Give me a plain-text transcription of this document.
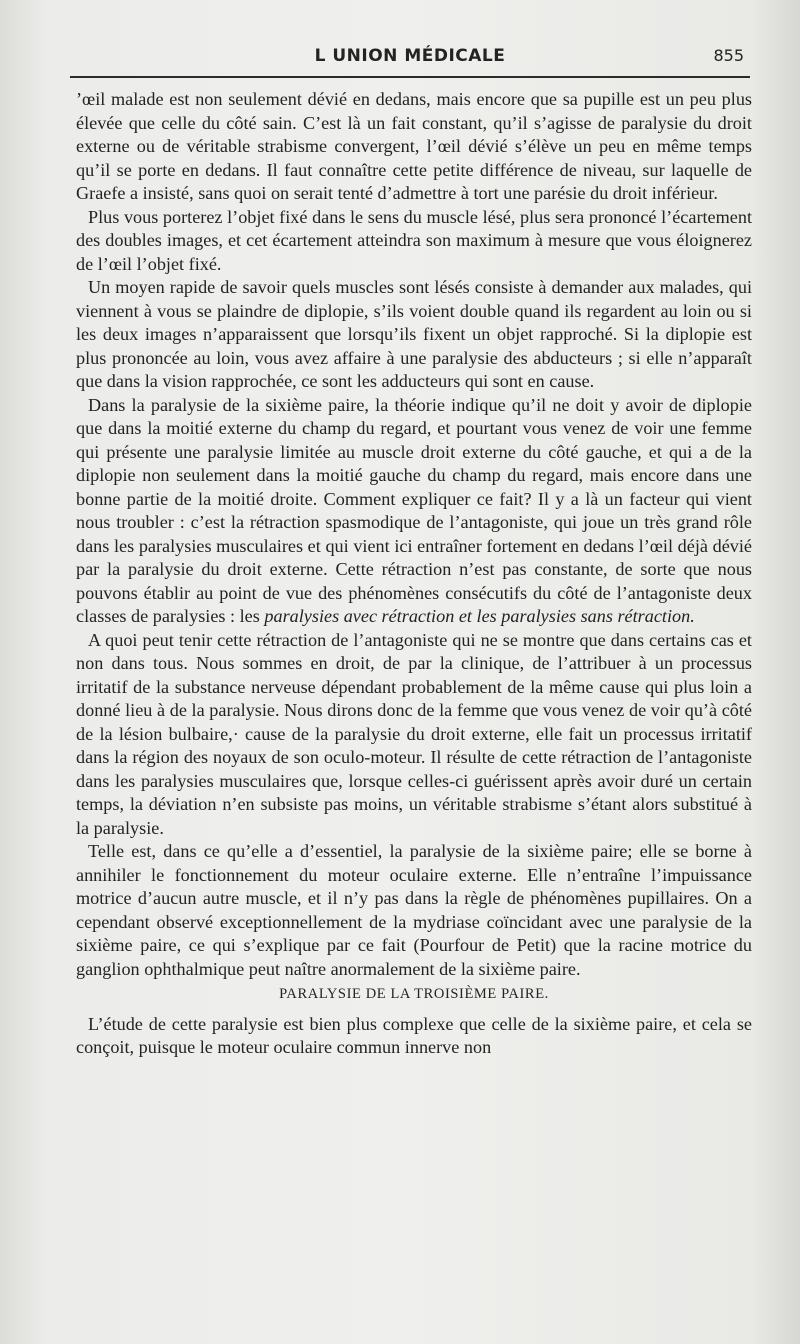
L UNION MÉDICALE	855

’œil malade est non seulement dévié en dedans, mais encore que sa pupille est un peu plus élevée que celle du côté sain. C’est là un fait constant, qu’il s’agisse de paralysie du droit externe ou de véritable strabisme convergent, l’œil dévié s’élève un peu en même temps qu’il se porte en dedans. Il faut connaître cette petite différence de niveau, sur laquelle de Graefe a insisté, sans quoi on serait tenté d’admettre à tort une parésie du droit inférieur.

Plus vous porterez l’objet fixé dans le sens du muscle lésé, plus sera prononcé l’écartement des doubles images, et cet écartement atteindra son maximum à mesure que vous éloignerez de l’œil l’objet fixé.

Un moyen rapide de savoir quels muscles sont lésés consiste à demander aux malades, qui viennent à vous se plaindre de diplopie, s’ils voient double quand ils regardent au loin ou si les deux images n’apparaissent que lorsqu’ils fixent un objet rapproché. Si la diplopie est plus prononcée au loin, vous avez affaire à une paralysie des abducteurs ; si elle n’apparaît que dans la vision rapprochée, ce sont les adducteurs qui sont en cause.

Dans la paralysie de la sixième paire, la théorie indique qu’il ne doit y avoir de diplopie que dans la moitié externe du champ du regard, et pourtant vous venez de voir une femme qui présente une paralysie limitée au muscle droit externe du côté gauche, et qui a de la diplopie non seulement dans la moitié gauche du champ du regard, mais encore dans une bonne partie de la moitié droite. Comment expliquer ce fait? Il y a là un facteur qui vient nous troubler : c’est la rétraction spasmodique de l’antagoniste, qui joue un très grand rôle dans les paralysies musculaires et qui vient ici entraîner fortement en dedans l’œil déjà dévié par la paralysie du droit externe. Cette rétraction n’est pas constante, de sorte que nous pouvons établir au point de vue des phénomènes consécutifs du côté de l’antagoniste deux classes de paralysies : les paralysies avec rétraction et les paralysies sans rétraction.

A quoi peut tenir cette rétraction de l’antagoniste qui ne se montre que dans certains cas et non dans tous. Nous sommes en droit, de par la clinique, de l’attribuer à un processus irritatif de la substance nerveuse dépendant probablement de la même cause qui plus loin a donné lieu à de la paralysie. Nous dirons donc de la femme que vous venez de voir qu’à côté de la lésion bulbaire,· cause de la paralysie du droit externe, elle fait un processus irritatif dans la région des noyaux de son oculo-moteur. Il résulte de cette rétraction de l’antagoniste dans les paralysies musculaires que, lorsque celles-ci guérissent après avoir duré un certain temps, la déviation n’en subsiste pas moins, un véritable strabisme s’étant alors substitué à la paralysie.

Telle est, dans ce qu’elle a d’essentiel, la paralysie de la sixième paire; elle se borne à annihiler le fonctionnement du moteur oculaire externe. Elle n’entraîne l’impuissance motrice d’aucun autre muscle, et il n’y pas dans la règle de phénomènes pupillaires. On a cependant observé exceptionnellement de la mydriase coïncidant avec une paralysie de la sixième paire, ce qui s’explique par ce fait (Pourfour de Petit) que la racine motrice du ganglion ophthalmique peut naître anormalement de la sixième paire.

PARALYSIE DE LA TROISIÈME PAIRE.

L’étude de cette paralysie est bien plus complexe que celle de la sixième paire, et cela se conçoit, puisque le moteur oculaire commun innerve non
